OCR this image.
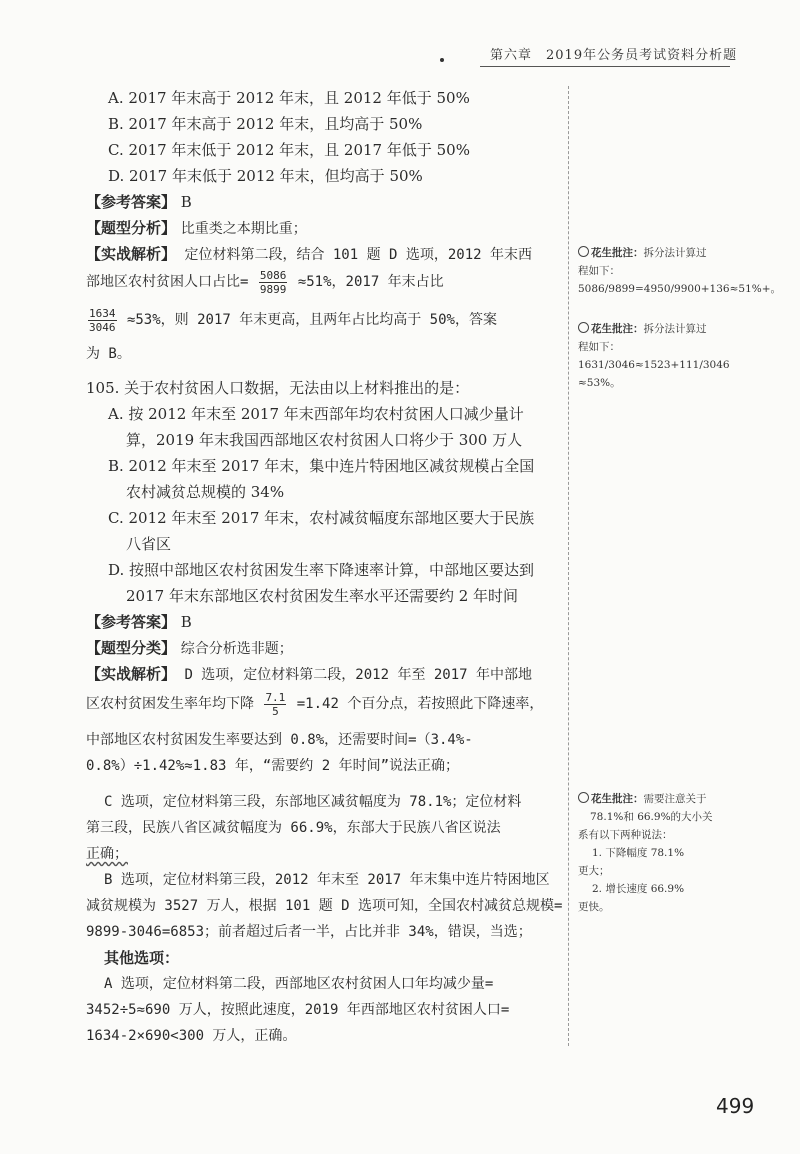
第六章　2019年公务员考试资料分析题
A. 2017 年末高于 2012 年末，且 2012 年低于 50%
B. 2017 年末高于 2012 年末，且均高于 50%
C. 2017 年末低于 2012 年末，且 2017 年低于 50%
D. 2017 年末低于 2012 年末，但均高于 50%
【参考答案】 B
【题型分析】 比重类之本期比重；
【实战解析】 定位材料第二段，结合 101 题 D 选项，2012 年末西
部地区农村贫困人口占比= $\frac{5086}{9899} \approx 51\%$，2017 年末占比
$\frac{1634}{3046} \approx 53\%$，则 2017 年末更高，且两年占比均高于 50%，答案
为 B。
105. 关于农村贫困人口数据，无法由以上材料推出的是：
A. 按 2012 年末至 2017 年末西部年均农村贫困人口减少量计
算，2019 年末我国西部地区农村贫困人口将少于 300 万人
B. 2012 年末至 2017 年末，集中连片特困地区减贫规模占全国
农村减贫总规模的 34%
C. 2012 年末至 2017 年末，农村减贫幅度东部地区要大于民族
八省区
D. 按照中部地区农村贫困发生率下降速率计算，中部地区要达到
2017 年末东部地区农村贫困发生率水平还需要约 2 年时间
【参考答案】 B
【题型分类】 综合分析选非题；
【实战解析】 D 选项，定位材料第二段，2012 年至 2017 年中部地
区农村贫困发生率年均下降 $\frac{7.1}{5} =1.42$ 个百分点，若按照此下降速率，
中部地区农村贫困发生率要达到 0.8%，还需要时间=（3.4%-
0.8%）÷1.42%≈1.83 年，“需要约 2 年时间”说法正确；
C 选项，定位材料第三段，东部地区减贫幅度为 78.1%；定位材料
第三段，民族八省区减贫幅度为 66.9%，东部大于民族八省区说法
正确；
B 选项，定位材料第三段，2012 年末至 2017 年末集中连片特困地区
减贫规模为 3527 万人，根据 101 题 D 选项可知，全国农村减贫总规模=
9899-3046=6853；前者超过后者一半，占比并非 34%，错误，当选；
其他选项：
A 选项，定位材料第二段，西部地区农村贫困人口年均减少量=
3452÷5≈690 万人，按照此速度，2019 年西部地区农村贫困人口=
1634-2×690<300 万人，正确。
花生批注：拆分法计算过
程如下：
5086/9899=4950/9900+136≈51%+。
花生批注：拆分法计算过
程如下：1631/3046≈1523+111/3046
≈53%。
花生批注：需要注意关于
78.1%和 66.9%的大小关
系有以下两种说法：
1. 下降幅度 78.1%
更大；
2. 增长速度 66.9%
更快。
499
